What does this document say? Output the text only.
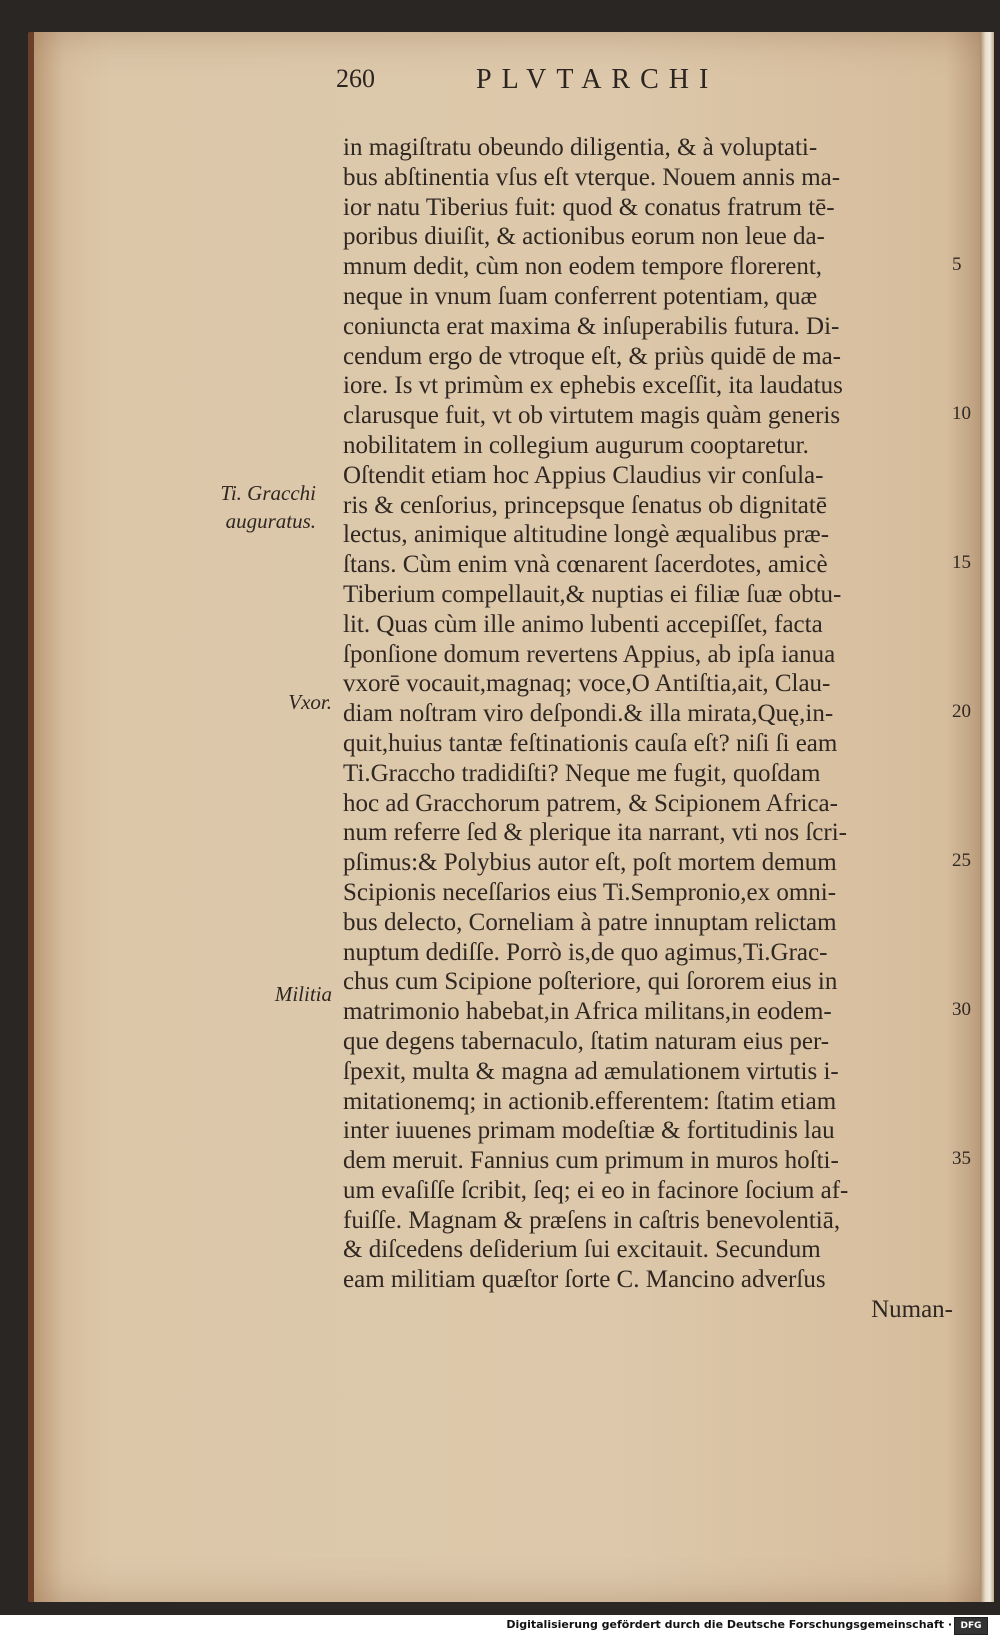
260	PLVTARCHI
in magiſtratu obeundo diligentia, & à voluptati-
bus abſtinentia vſus eſt vterque. Nouem annis ma-
ior natu Tiberius fuit: quod & conatus fratrum tē-
poribus diuiſit, & actionibus eorum non leue da-
mnum dedit, cùm non eodem tempore florerent,
neque in vnum ſuam conferrent potentiam, quæ
coniuncta erat maxima & inſuperabilis futura. Di-
cendum ergo de vtroque eſt, & priùs quidē de ma-
iore. Is vt primùm ex ephebis exceſſit, ita laudatus
clarusque fuit, vt ob virtutem magis quàm generis
nobilitatem in collegium augurum cooptaretur.
Oſtendit etiam hoc Appius Claudius vir conſula-
ris & cenſorius, princepsque ſenatus ob dignitatē
lectus, animique altitudine longè æqualibus præ-
ſtans. Cùm enim vnà cœnarent ſacerdotes, amicè
Tiberium compellauit,& nuptias ei filiæ ſuæ obtu-
lit. Quas cùm ille animo lubenti accepiſſet, facta
ſponſione domum revertens Appius, ab ipſa ianua
vxorē vocauit,magnaq; voce,O Antiſtia,ait, Clau-
diam noſtram viro deſpondi.& illa mirata,Quę,in-
quit,huius tantæ feſtinationis cauſa eſt? niſi ſi eam
Ti.Graccho tradidiſti? Neque me fugit, quoſdam
hoc ad Gracchorum patrem, & Scipionem Africa-
num referre ſed & plerique ita narrant, vti nos ſcri-
pſimus:& Polybius autor eſt, poſt mortem demum
Scipionis neceſſarios eius Ti.Sempronio,ex omni-
bus delecto, Corneliam à patre innuptam relictam
nuptum dediſſe. Porrò is,de quo agimus,Ti.Grac-
chus cum Scipione poſteriore, qui ſororem eius in
matrimonio habebat,in Africa militans,in eodem-
que degens tabernaculo, ſtatim naturam eius per-
ſpexit, multa & magna ad æmulationem virtutis i-
mitationemq; in actionib.efferentem: ſtatim etiam
inter iuuenes primam modeſtiæ & fortitudinis lau
dem meruit. Fannius cum primum in muros hoſti-
um evaſiſſe ſcribit, ſeq; ei eo in facinore ſocium af-
fuiſſe. Magnam & præſens in caſtris benevolentiā,
& diſcedens deſiderium ſui excitauit. Secundum
eam militiam quæſtor ſorte C. Mancino adverſus
Numan-
5
10
15
20
25
30
35
Ti. Gracchi auguratus.
Vxor.
Militia
Digitalisierung gefördert durch die Deutsche Forschungsgemeinschaft · DFG
